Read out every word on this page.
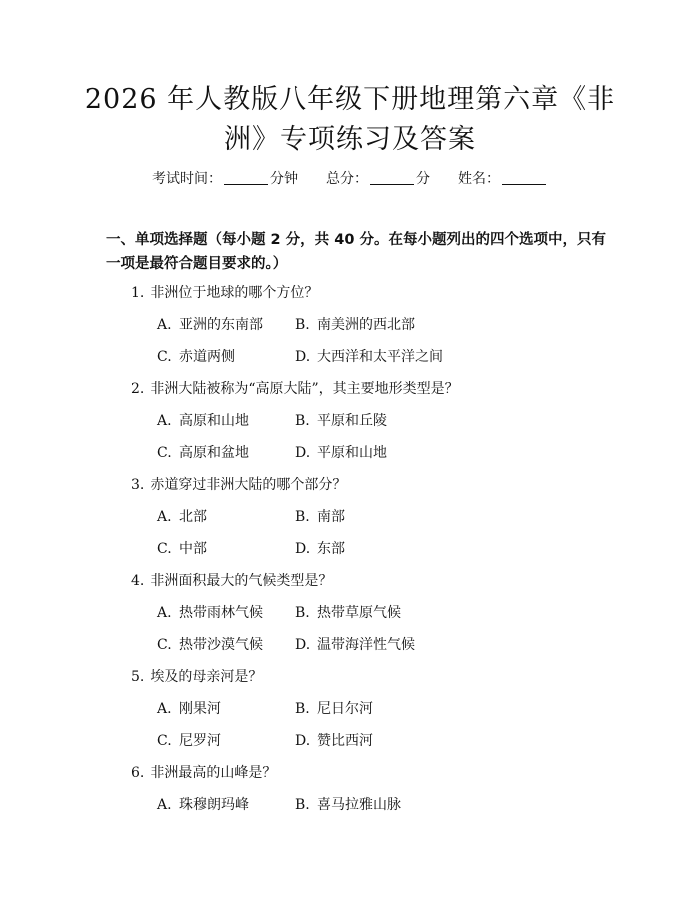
2026 年人教版八年级下册地理第六章《非
洲》专项练习及答案
考试时间：	分钟 总分：	分 姓名：
一、单项选择题（每小题 2 分，共 40 分。在每小题列出的四个选项中，只有一项是最符合题目要求的。）
1. 非洲位于地球的哪个方位？
A. 亚洲的东南部 B. 南美洲的西北部
C. 赤道两侧	D. 大西洋和太平洋之间
2. 非洲大陆被称为“高原大陆”，其主要地形类型是？
A. 高原和山地	B. 平原和丘陵
C. 高原和盆地	D. 平原和山地
3. 赤道穿过非洲大陆的哪个部分？
A. 北部	B. 南部
C. 中部	D. 东部
4. 非洲面积最大的气候类型是？
A. 热带雨林气候 B. 热带草原气候
C. 热带沙漠气候 D. 温带海洋性气候
5. 埃及的母亲河是？
A. 刚果河	B. 尼日尔河
C. 尼罗河	D. 赞比西河
6. 非洲最高的山峰是？
A. 珠穆朗玛峰	B. 喜马拉雅山脉
